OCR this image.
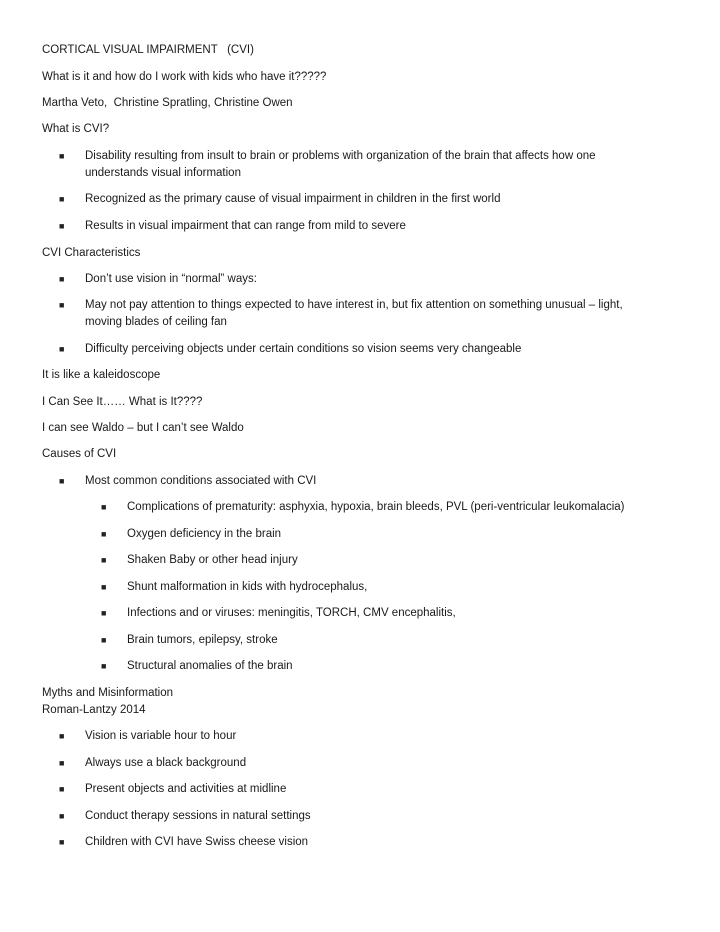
CORTICAL VISUAL IMPAIRMENT   (CVI)
What is it and how do I work with kids who have it?????
Martha Veto,  Christine Spratling, Christine Owen
What is CVI?
■	Disability resulting from insult to brain or problems with organization of the brain that affects how one understands visual information
■	Recognized as the primary cause of visual impairment in children in the first world
■	Results in visual impairment that can range from mild to severe
CVI Characteristics
■	Don’t use vision in “normal” ways:
■	May not pay attention to things expected to have interest in, but fix attention on something unusual – light, moving blades of ceiling fan
■	Difficulty perceiving objects under certain conditions so vision seems very changeable
It is like a kaleidoscope
I Can See It…… What is It????
I can see Waldo – but I can’t see Waldo
Causes of CVI
■	Most common conditions associated with CVI
■	Complications of prematurity: asphyxia, hypoxia, brain bleeds, PVL (peri-ventricular leukomalacia)
■	Oxygen deficiency in the brain
■	Shaken Baby or other head injury
■	Shunt malformation in kids with hydrocephalus,
■	Infections and or viruses: meningitis, TORCH, CMV encephalitis,
■	Brain tumors, epilepsy, stroke
■	Structural anomalies of the brain
Myths and Misinformation
Roman-Lantzy 2014
■	Vision is variable hour to hour
■	Always use a black background
■	Present objects and activities at midline
■	Conduct therapy sessions in natural settings
■	Children with CVI have Swiss cheese vision
